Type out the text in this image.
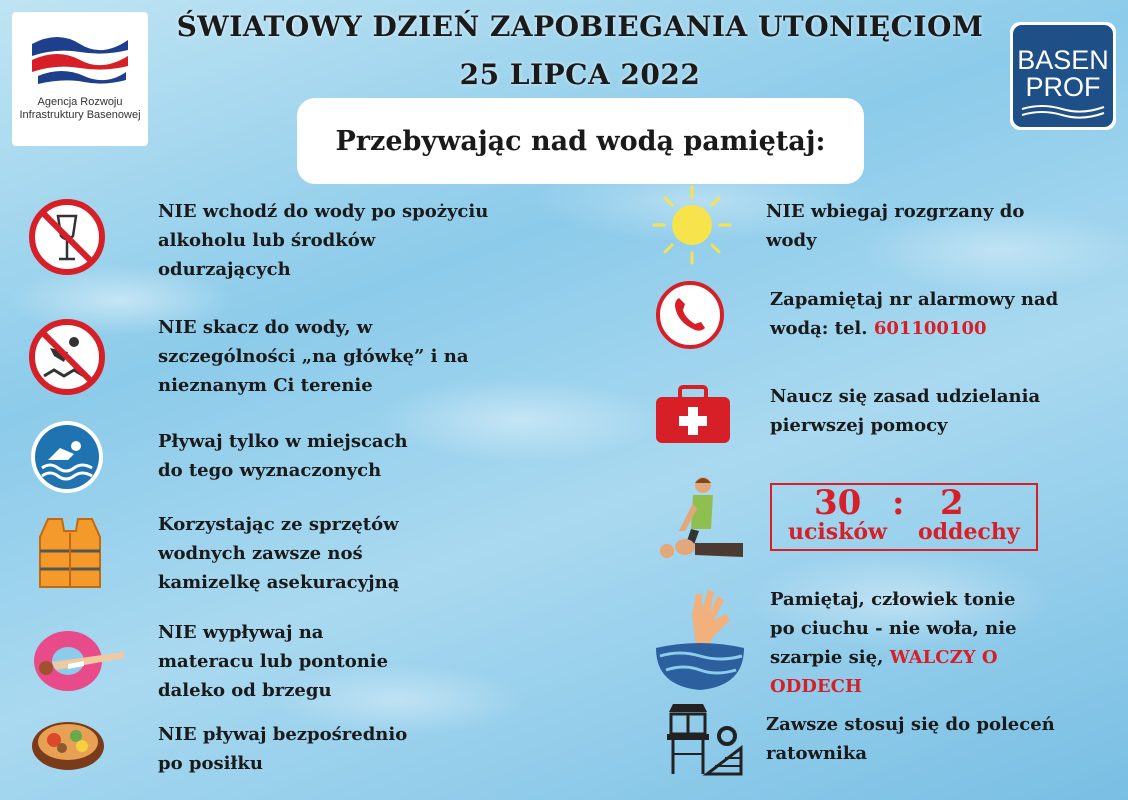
Agencja Rozwoju
Infrastruktury Basenowej
ŚWIATOWY DZIEŃ ZAPOBIEGANIA UTONIĘCIOM
25 LIPCA 2022	BASEN
PROF
Przebywając nad wodą pamiętaj:
NIE wchodź do wody po spożyciu
alkoholu lub środków
odurzających
NIE skacz do wody, w
szczególności „na główkę” i na
nieznanym Ci terenie
Pływaj tylko w miejscach
do tego wyznaczonych
Korzystając ze sprzętów
wodnych zawsze noś
kamizelkę asekuracyjną
NIE wypływaj na
materacu lub pontonie
daleko od brzegu
NIE pływaj bezpośrednio
po posiłku
NIE wbiegaj rozgrzany do
wody
Zapamiętaj nr alarmowy nad
wodą: tel. 601100100
Naucz się zasad udzielania
pierwszej pomocy
30 : 2
ucisków oddechy
Pamiętaj, człowiek tonie
po ciuchu - nie woła, nie
szarpie się, WALCZY O
ODDECH
Zawsze stosuj się do poleceń
ratownika
